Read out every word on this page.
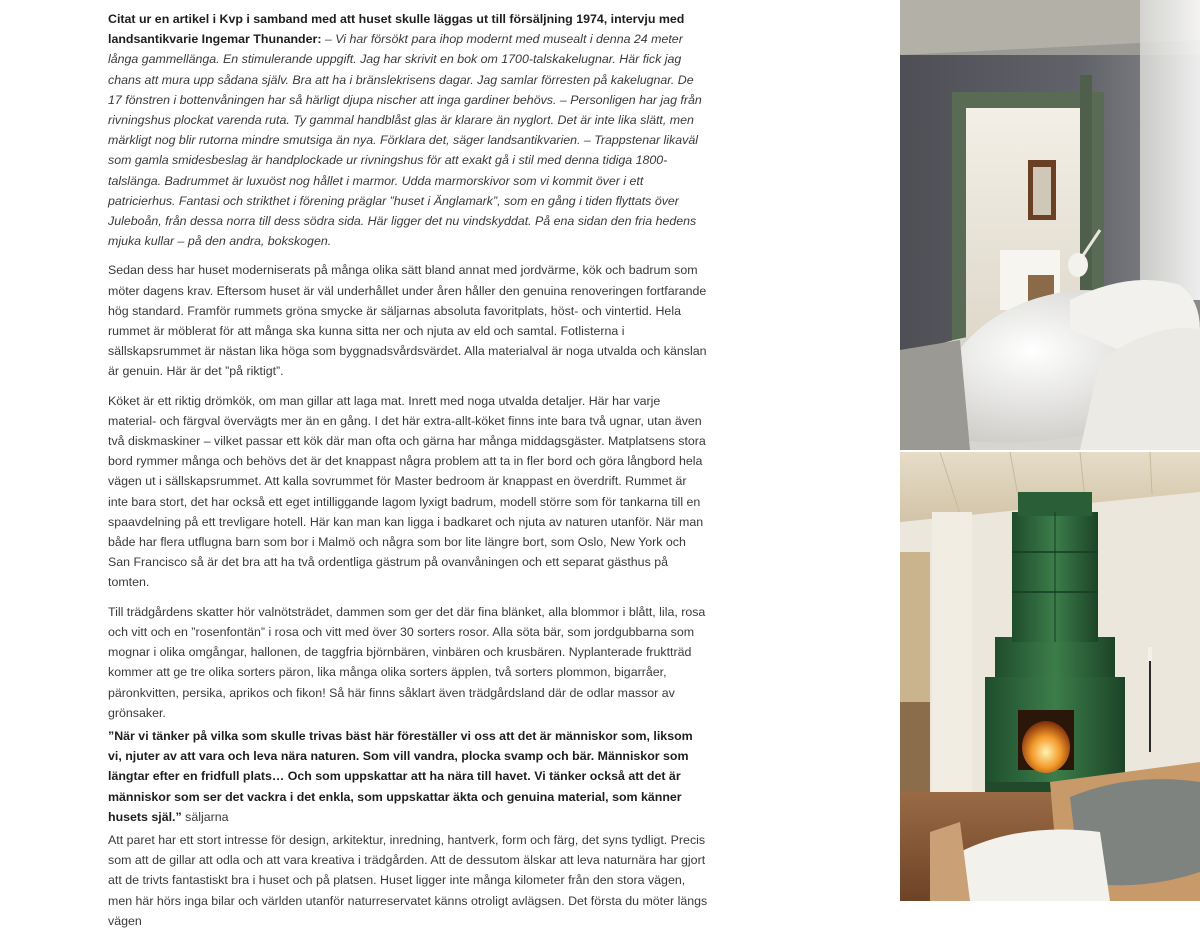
Citat ur en artikel i Kvp i samband med att huset skulle läggas ut till försäljning 1974, intervju med landsantikvarie Ingemar Thunander: – Vi har försökt para ihop modernt med musealt i denna 24 meter långa gammellänga. En stimulerande uppgift. Jag har skrivit en bok om 1700-talskakelugnar. Här fick jag chans att mura upp sådana själv. Bra att ha i bränslekrisens dagar. Jag samlar förresten på kakelugnar. De 17 fönstren i bottenvåningen har så härligt djupa nischer att inga gardiner behövs. – Personligen har jag från rivningshus plockat varenda ruta. Ty gammal handblåst glas är klarare än nyglort. Det är inte lika slätt, men märkligt nog blir rutorna mindre smutsiga än nya. Förklara det, säger landsantikvarien. – Trappstenar likaväl som gamla smidesbeslag är handplockade ur rivningshus för att exakt gå i stil med denna tidiga 1800-talslänga. Badrummet är luxuöst nog hållet i marmor. Udda marmorskivor som vi kommit över i ett patricierhus. Fantasi och strikthet i förening präglar ”huset i Änglamark”, som en gång i tiden flyttats över Juleboån, från dessa norra till dess södra sida. Här ligger det nu vindskyddat. På ena sidan den fria hedens mjuka kullar – på den andra, bokskogen.

Sedan dess har huset moderniserats på många olika sätt bland annat med jordvärme, kök och badrum som möter dagens krav. Eftersom huset är väl underhållet under åren håller den genuina renoveringen fortfarande hög standard. Framför rummets gröna smycke är säljarnas absoluta favoritplats, höst- och vintertid. Hela rummet är möblerat för att många ska kunna sitta ner och njuta av eld och samtal. Fotlisterna i sällskapsrummet är nästan lika höga som byggnadsvårdsvärdet. Alla materialval är noga utvalda och känslan är genuin. Här är det ”på riktigt”.

Köket är ett riktig drömkök, om man gillar att laga mat. Inrett med noga utvalda detaljer. Här har varje material- och färgval övervägts mer än en gång. I det här extra-allt-köket finns inte bara två ugnar, utan även två diskmaskiner – vilket passar ett kök där man ofta och gärna har många middagsgäster. Matplatsens stora bord rymmer många och behövs det är det knappast några problem att ta in fler bord och göra långbord hela vägen ut i sällskapsrummet. Att kalla sovrummet för Master bedroom är knappast en överdrift. Rummet är inte bara stort, det har också ett eget intilliggande lagom lyxigt badrum, modell större som för tankarna till en spaavdelning på ett trevligare hotell. Här kan man kan ligga i badkaret och njuta av naturen utanför. När man både har flera utflugna barn som bor i Malmö och några som bor lite längre bort, som Oslo, New York och San Francisco så är det bra att ha två ordentliga gästrum på ovanvåningen och ett separat gästhus på tomten.

Till trädgårdens skatter hör valnötsträdet, dammen som ger det där fina blänket, alla blommor i blått, lila, rosa och vitt och en ”rosenfontän” i rosa och vitt med över 30 sorters rosor. Alla söta bär, som jordgubbarna som mognar i olika omgångar, hallonen, de taggfria björnbären, vinbären och krusbären. Nyplanterade fruktträd kommer att ge tre olika sorters päron, lika många olika sorters äpplen, två sorters plommon, bigarråer, päronkvitten, persika, aprikos och fikon! Så här finns såklart även trädgårdsland där de odlar massor av grönsaker.

”När vi tänker på vilka som skulle trivas bäst här föreställer vi oss att det är människor som, liksom vi, njuter av att vara och leva nära naturen. Som vill vandra, plocka svamp och bär. Människor som längtar efter en fridfull plats… Och som uppskattar att ha nära till havet. Vi tänker också att det är människor som ser det vackra i det enkla, som uppskattar äkta och genuina material, som känner husets själ.” säljarna

Att paret har ett stort intresse för design, arkitektur, inredning, hantverk, form och färg, det syns tydligt. Precis som att de gillar att odla och att vara kreativa i trädgården. Att de dessutom älskar att leva naturnära har gjort att de trivts fantastiskt bra i huset och på platsen. Huset ligger inte många kilometer från den stora vägen, men här hörs inga bilar och världen utanför naturreservatet känns otroligt avlägsen. Det första du möter längs vägen
